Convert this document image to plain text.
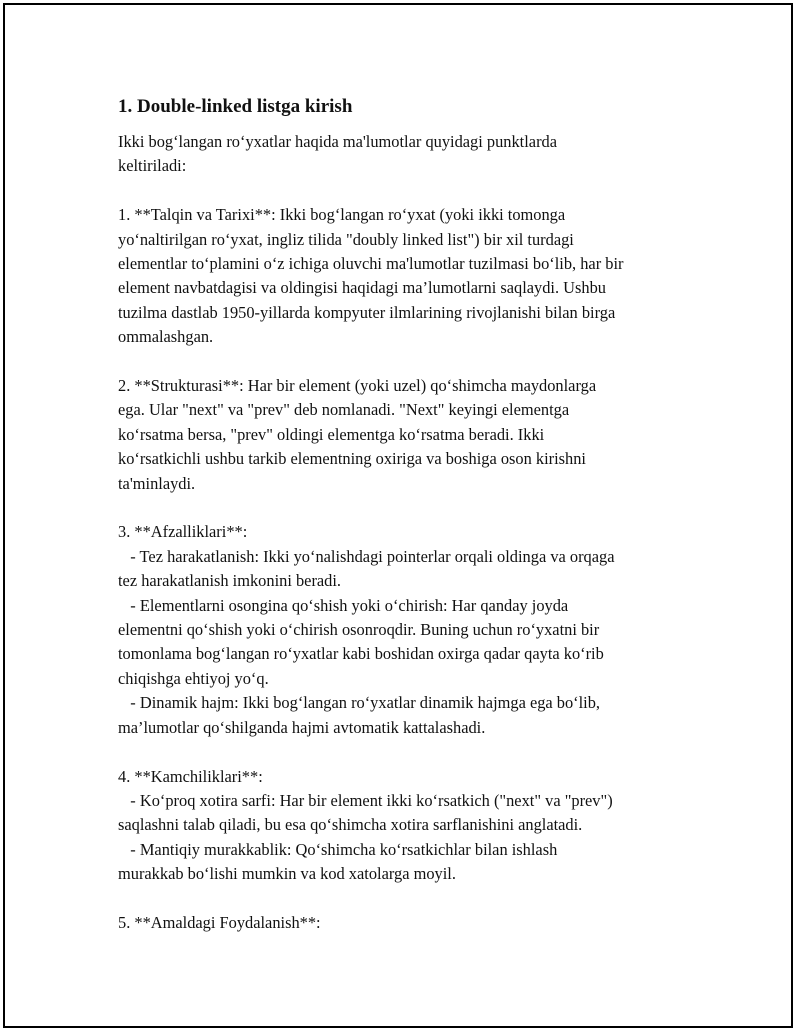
1. Double-linked listga kirish

Ikki bog‘langan ro‘yxatlar haqida ma'lumotlar quyidagi punktlarda
keltiriladi:

1. **Talqin va Tarixi**: Ikki bog‘langan ro‘yxat (yoki ikki tomonga
yo‘naltirilgan ro‘yxat, ingliz tilida "doubly linked list") bir xil turdagi
elementlar to‘plamini o‘z ichiga oluvchi ma'lumotlar tuzilmasi bo‘lib, har bir
element navbatdagisi va oldingisi haqidagi ma’lumotlarni saqlaydi. Ushbu
tuzilma dastlab 1950-yillarda kompyuter ilmlarining rivojlanishi bilan birga
ommalashgan.

2. **Strukturasi**: Har bir element (yoki uzel) qo‘shimcha maydonlarga
ega. Ular "next" va "prev" deb nomlanadi. "Next" keyingi elementga
ko‘rsatma bersa, "prev" oldingi elementga ko‘rsatma beradi. Ikki
ko‘rsatkichli ushbu tarkib elementning oxiriga va boshiga oson kirishni
ta'minlaydi.

3. **Afzalliklari**:
- Tez harakatlanish: Ikki yo‘nalishdagi pointerlar orqali oldinga va orqaga
tez harakatlanish imkonini beradi.
- Elementlarni osongina qo‘shish yoki o‘chirish: Har qanday joyda
elementni qo‘shish yoki o‘chirish osonroqdir. Buning uchun ro‘yxatni bir
tomonlama bog‘langan ro‘yxatlar kabi boshidan oxirga qadar qayta ko‘rib
chiqishga ehtiyoj yo‘q.
- Dinamik hajm: Ikki bog‘langan ro‘yxatlar dinamik hajmga ega bo‘lib,
ma’lumotlar qo‘shilganda hajmi avtomatik kattalashadi.

4. **Kamchiliklari**:
- Ko‘proq xotira sarfi: Har bir element ikki ko‘rsatkich ("next" va "prev")
saqlashni talab qiladi, bu esa qo‘shimcha xotira sarflanishini anglatadi.
- Mantiqiy murakkablik: Qo‘shimcha ko‘rsatkichlar bilan ishlash
murakkab bo‘lishi mumkin va kod xatolarga moyil.

5. **Amaldagi Foydalanish**:
